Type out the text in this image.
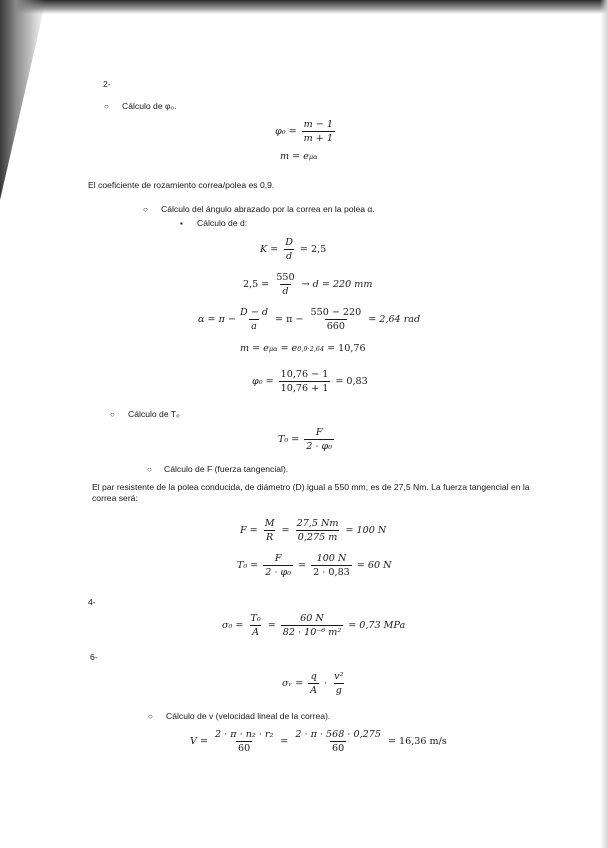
2-
○ Cálculo de φ₀.
$\varphi_0 = \frac{m - 1}{m + 1}$
m = e μα
El coeficiente de rozamiento correa/polea es 0,9.
○ Cálculo del ángulo abrazado por la correa en la polea α.
▪ Cálculo de d:
$K = \frac{D}{d} = 2,5$
$2,5 = \frac{550}{d} \to d = 220$ mm
$\alpha = \pi - \frac{D - d}{a} = \pi - \frac{550 - 220}{660} = 2,64$ rad
m = e μα = e 0,9·2,64 = 10,76
$\varphi_0 = \frac{10,76 - 1}{10,76 + 1} = 0,83$
○ Cálculo de T₀
$T_0 = \frac{F}{\text{2 · φ₀}}$
○ Cálculo de F (fuerza tangencial).
El par resistente de la polea conducida, de diámetro (D) igual a 550 mm, es de 27,5 Nm. La fuerza tangencial en la correa será:
$F = \frac{M}{R} = \frac{27,5 Nm}{0,275 m} = 100$ N
$T_0 = \frac{F}{\text{2 · φ₀}} = \frac{100 N}{2 \cdot 0,83} = 60$ N
4-
$\sigma_0 = \frac{\text{T₀}}{A} = \frac{60 N}{\text{82 · 10⁻⁶ m²}} = 0,73$ MPa
6-
σᵥ = $\frac{q}{A} \cdot \frac{\text{v²}}{g}$
○ Cálculo de v (velocidad lineal de la correa).
$V = \frac{\text{2 · π · n₂ · r₂}}{60} = \frac{2 \cdot \pi \cdot 568 \cdot 0,275}{60} = 16,36$ m/s
